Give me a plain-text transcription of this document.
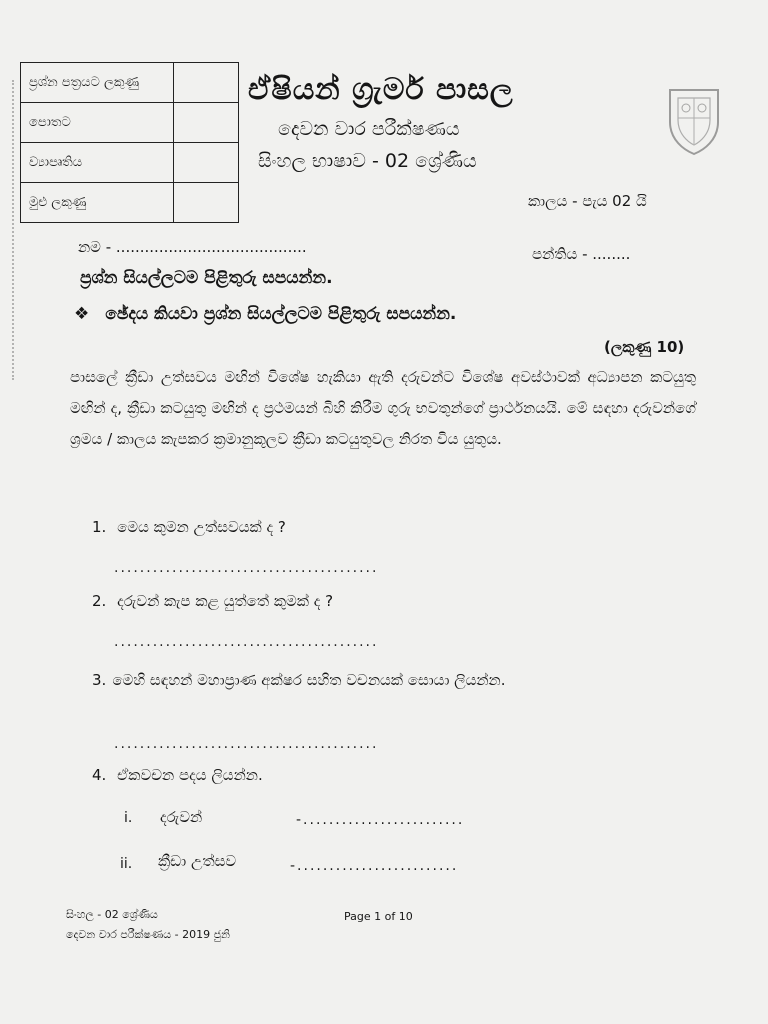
ප්‍රශ්න පත්‍රයට ලකුණු	
පොතට	
ව්‍යාපෘතිය	
මුළු ලකුණු	
ඒෂියන් ග්‍රැමර් පාසල
දෙවන වාර පරීක්ෂණය
සිංහල භාෂාව - 02 ශ්‍රේණිය
කාලය - පැය 02 යි
නම - ........................................	පන්තිය - ........
ප්‍රශ්න සියල්ලටම පිළිතුරු සපයන්න.
❖ ඡේදය කියවා ප්‍රශ්න සියල්ලටම පිළිතුරු සපයන්න.
(ලකුණු 10)
පාසලේ ක්‍රීඩා උත්සවය මඟින් විශේෂ හැකියා ඇති දරුවන්ට විශේෂ අවස්ථාවක් අධ්‍යාපන කටයුතු මඟින් ද, ක්‍රීඩා කටයුතු මඟින් ද ප්‍රථමයන් බිහි කිරීම ගුරු භවතුන්ගේ ප්‍රාර්ථනයයි. මේ සඳහා දරුවන්ගේ ශ්‍රමය / කාලය කැපකර ක්‍රමානුකූලව ක්‍රීඩා කටයුතුවල නිරත විය යුතුය.
1. මෙය කුමන උත්සවයක් ද ?
.........................................
2. දරුවන් කැප කළ යුත්තේ කුමක් ද ?
.........................................
3. මෙහි සඳහන් මහාප්‍රාණ අක්ෂර සහිත වචනයක් සොයා ලියන්න.
.........................................
4. ඒකවචන පදය ලියන්න.
i. දරුවන්	-.........................
ii. ක්‍රීඩා උත්සව	-.........................
සිංහල - 02 ශ්‍රේණිය
දෙවන වාර පරීක්ෂණය - 2019 ජුනි
Page 1 of 10
